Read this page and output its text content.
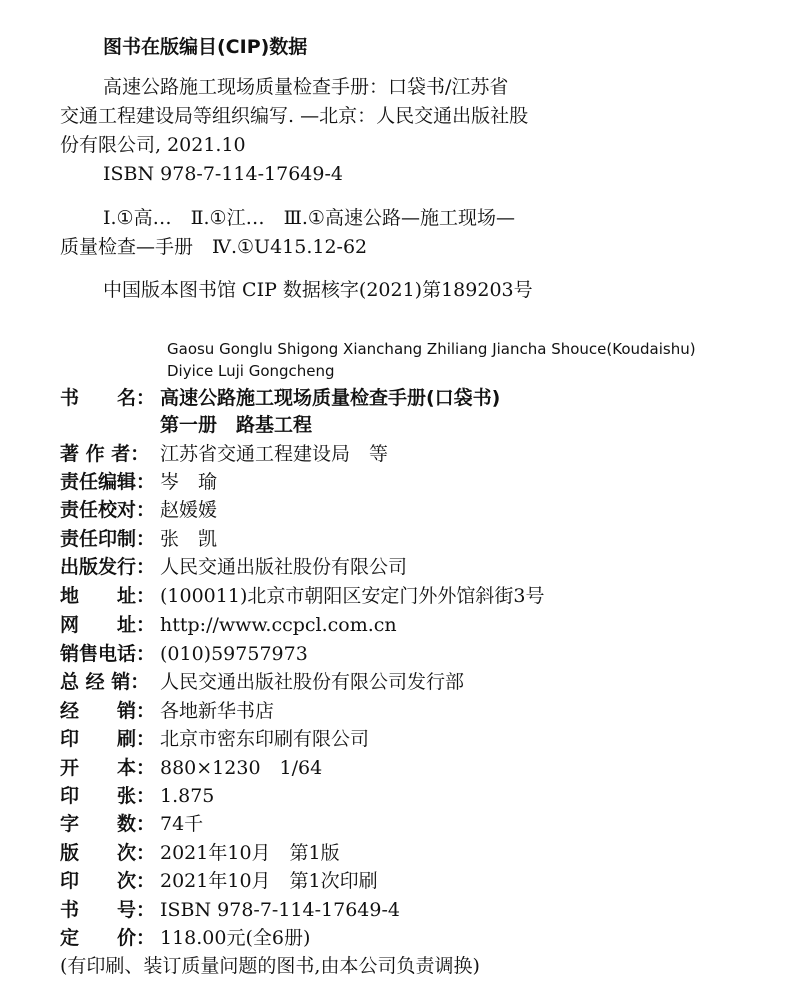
图书在版编目(CIP)数据
高速公路施工现场质量检查手册：口袋书/江苏省
交通工程建设局等组织编写. —北京：人民交通出版社股
份有限公司, 2021.10
ISBN 978-7-114-17649-4
Ⅰ.①高…　Ⅱ.①江…　Ⅲ.①高速公路—施工现场—
质量检查—手册　Ⅳ.①U415.12-62
中国版本图书馆 CIP 数据核字(2021)第189203号
Gaosu Gonglu Shigong Xianchang Zhiliang Jiancha Shouce(Koudaishu)
Diyice Luji Gongcheng
书　　名： 高速公路施工现场质量检查手册(口袋书)
第一册　路基工程
著 作 者： 江苏省交通工程建设局　等
责任编辑： 岑　瑜
责任校对： 赵媛媛
责任印制： 张　凯
出版发行： 人民交通出版社股份有限公司
地　　址： (100011)北京市朝阳区安定门外外馆斜街3号
网　　址： http://www.ccpcl.com.cn
销售电话： (010)59757973
总 经 销： 人民交通出版社股份有限公司发行部
经　　销： 各地新华书店
印　　刷： 北京市密东印刷有限公司
开　　本： 880×1230　1/64
印　　张： 1.875
字　　数： 74千
版　　次： 2021年10月　第1版
印　　次： 2021年10月　第1次印刷
书　　号： ISBN 978-7-114-17649-4
定　　价： 118.00元(全6册)
(有印刷、装订质量问题的图书,由本公司负责调换)
